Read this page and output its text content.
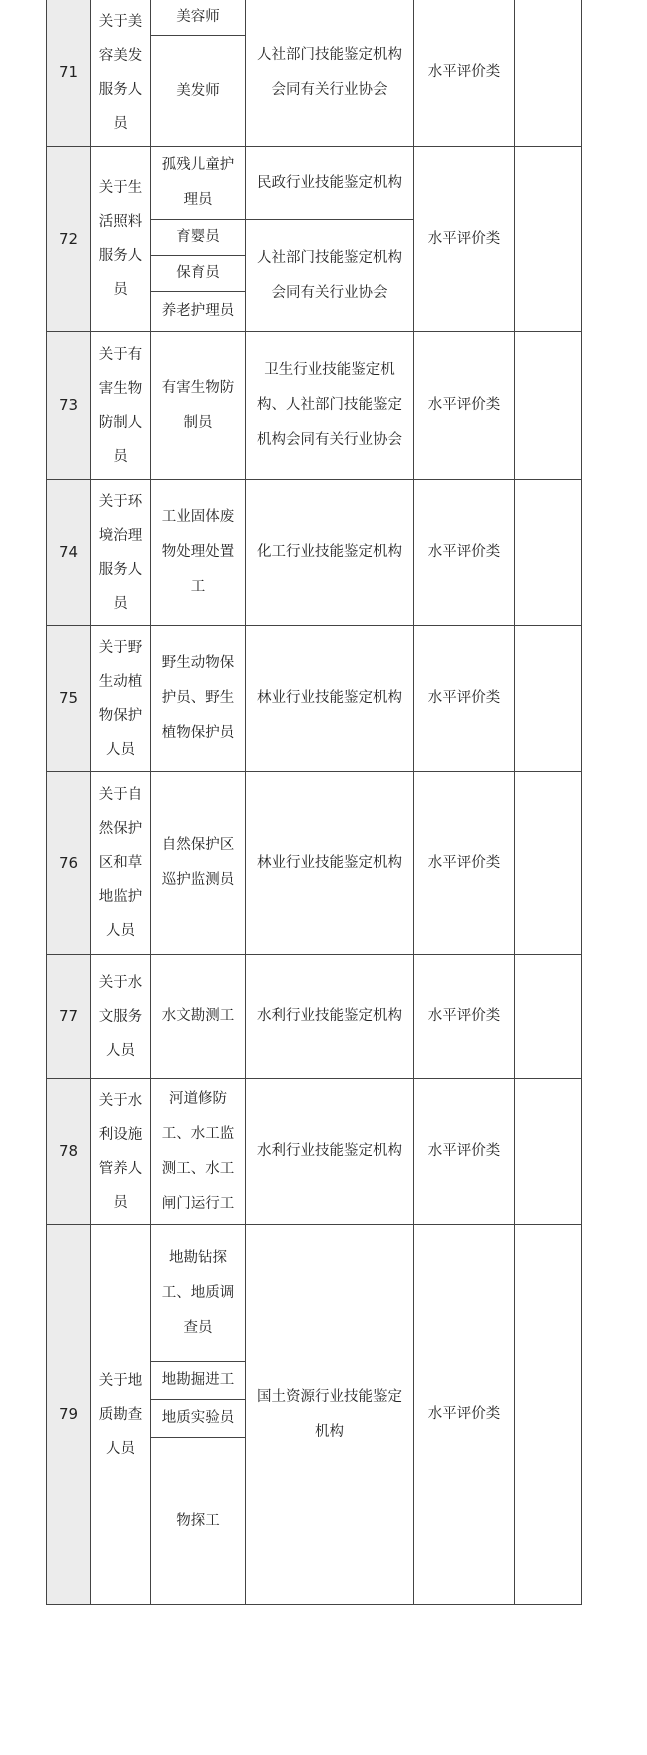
71	关于美容美发服务人员	美容师	人社部门技能鉴定机构会同有关行业协会	水平评价类	
		美发师			
72	关于生活照料服务人员	孤残儿童护理员	民政行业技能鉴定机构	水平评价类	
		育婴员	人社部门技能鉴定机构会同有关行业协会		
		保育员			
		养老护理员			
73	关于有害生物防制人员	有害生物防制员	卫生行业技能鉴定机构、人社部门技能鉴定机构会同有关行业协会	水平评价类	
74	关于环境治理服务人员	工业固体废物处理处置工	化工行业技能鉴定机构	水平评价类	
75	关于野生动植物保护人员	野生动物保护员、野生植物保护员	林业行业技能鉴定机构	水平评价类	
76	关于自然保护区和草地监护人员	自然保护区巡护监测员	林业行业技能鉴定机构	水平评价类	
77	关于水文服务人员	水文勘测工	水利行业技能鉴定机构	水平评价类	
78	关于水利设施管养人员	河道修防工、水工监测工、水工闸门运行工	水利行业技能鉴定机构	水平评价类	
79	关于地质勘查人员	地勘钻探工、地质调查员	国土资源行业技能鉴定机构	水平评价类	
		地勘掘进工			
		地质实验员			
		物探工			
